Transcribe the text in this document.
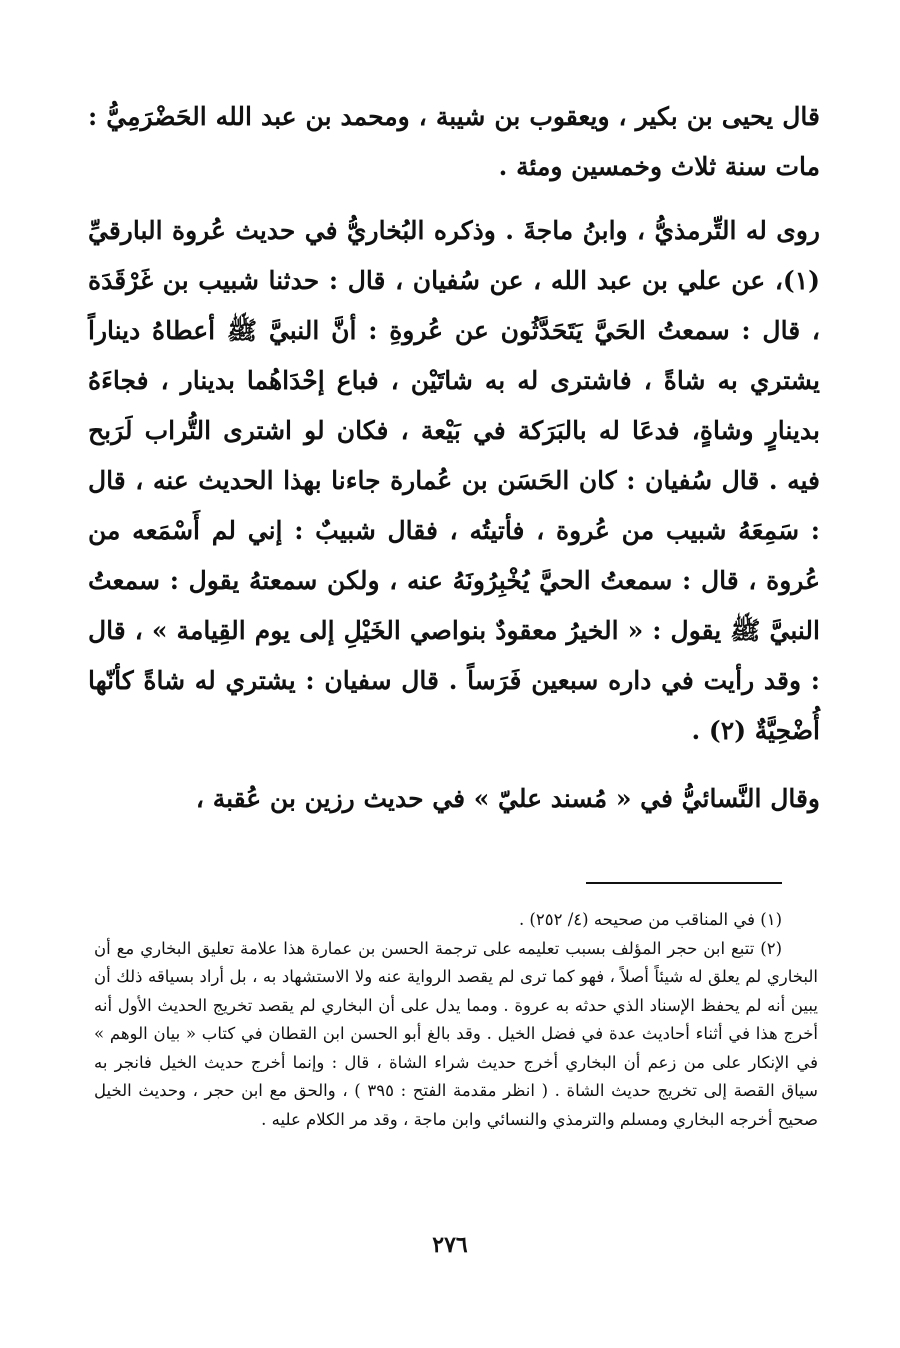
قال يحيى بن بكير ، ويعقوب بن شيبة ، ومحمد بن عبد الله الحَضْرَمِيُّ : مات سنة ثلاث وخمسين ومئة .

روى له التِّرمذيُّ ، وابنُ ماجةَ . وذكره البُخاريُّ في حديث عُروة البارقيِّ (١)، عن علي بن عبد الله ، عن سُفيان ، قال : حدثنا شبيب بن غَرْقَدَة ، قال : سمعتُ الحَيَّ يَتَحَدَّثُون عن عُروةِ : أنَّ النبيَّ ﷺ أعطاهُ ديناراً يشتري به شاةً ، فاشترى له به شاتَيْن ، فباع إحْدَاهُما بدينار ، فجاءَهُ بدينارٍ وشاةٍ، فدعَا له بالبَرَكة في بَيْعة ، فكان لو اشترى التُّراب لَرَبح فيه . قال سُفيان : كان الحَسَن بن عُمارة جاءنا بهذا الحديث عنه ، قال : سَمِعَهُ شبيب من عُروة ، فأتيتُه ، فقال شبيبٌ : إني لم أَسْمَعه من عُروة ، قال : سمعتُ الحيَّ يُخْبِرُونَهُ عنه ، ولكن سمعتهُ يقول : سمعتُ النبيَّ ﷺ يقول : « الخيرُ معقودٌ بنواصي الخَيْلِ إلى يوم القِيامة » ، قال : وقد رأيت في داره سبعين فَرَساً . قال سفيان : يشتري له شاةً كأنّها أُضْحِيَّةٌ (٢) .

وقال النَّسائيُّ في « مُسند عليّ » في حديث رزين بن عُقبة ،

(١) في المناقب من صحيحه (٤/ ٢٥٢) .

(٢) تتبع ابن حجر المؤلف بسبب تعليمه على ترجمة الحسن بن عمارة هذا علامة تعليق البخاري مع أن البخاري لم يعلق له شيئاً أصلاً ، فهو كما ترى لم يقصد الرواية عنه ولا الاستشهاد به ، بل أراد بسياقه ذلك أن يبين أنه لم يحفظ الإسناد الذي حدثه به عروة . ومما يدل على أن البخاري لم يقصد تخريج الحديث الأول أنه أخرج هذا في أثناء أحاديث عدة في فضل الخيل . وقد بالغ أبو الحسن ابن القطان في كتاب « بيان الوهم » في الإنكار على من زعم أن البخاري أخرج حديث شراء الشاة ، قال : وإنما أخرج حديث الخيل فانجر به سياق القصة إلى تخريج حديث الشاة . ( انظر مقدمة الفتح : ٣٩٥ ) ، والحق مع ابن حجر ، وحديث الخيل صحيح أخرجه البخاري ومسلم والترمذي والنسائي وابن ماجة ، وقد مر الكلام عليه .

٢٧٦
